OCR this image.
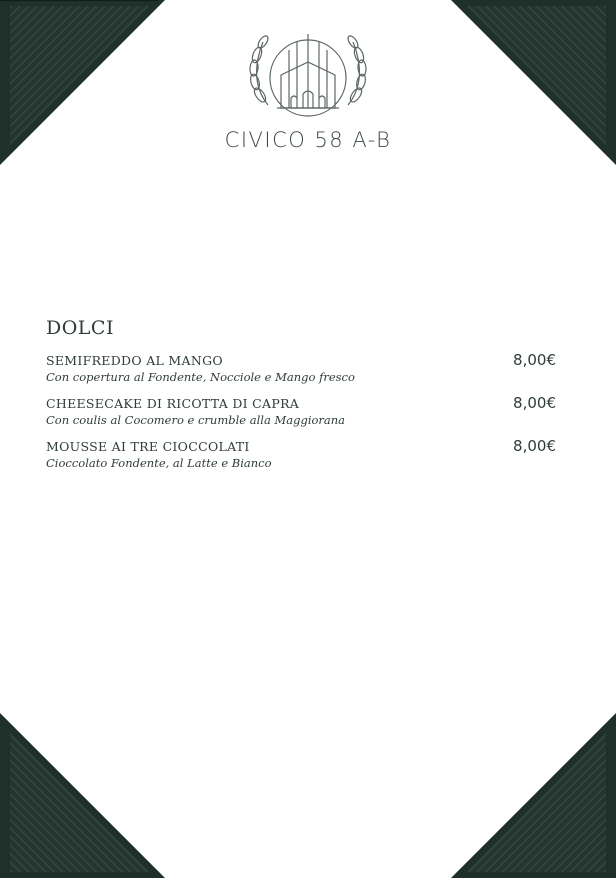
CIVICO 58 A-B
DOLCI
SEMIFREDDO AL MANGO
Con copertura al Fondente, Nocciole e Mango fresco
8,00€
CHEESECAKE DI RICOTTA DI CAPRA
Con coulis al Cocomero e crumble alla Maggiorana
8,00€
MOUSSE AI TRE CIOCCOLATI
Cioccolato Fondente, al Latte e Bianco
8,00€
